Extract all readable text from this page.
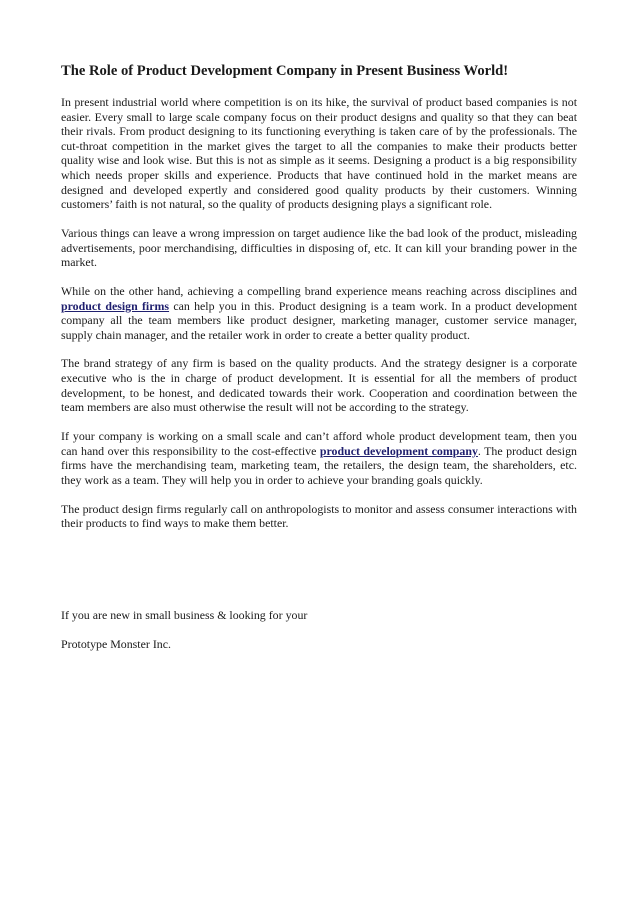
The Role of Product Development Company in Present Business World!

In present industrial world where competition is on its hike, the survival of product based companies is not easier. Every small to large scale company focus on their product designs and quality so that they can beat their rivals. From product designing to its functioning everything is taken care of by the professionals. The cut-throat competition in the market gives the target to all the companies to make their products better quality wise and look wise. But this is not as simple as it seems. Designing a product is a big responsibility which needs proper skills and experience. Products that have continued hold in the market means are designed and developed expertly and considered good quality products by their customers. Winning customers’ faith is not natural, so the quality of products designing plays a significant role.

Various things can leave a wrong impression on target audience like the bad look of the product, misleading advertisements, poor merchandising, difficulties in disposing of, etc. It can kill your branding power in the market.

While on the other hand, achieving a compelling brand experience means reaching across disciplines and product design firms can help you in this. Product designing is a team work. In a product development company all the team members like product designer, marketing manager, customer service manager, supply chain manager, and the retailer work in order to create a better quality product.

The brand strategy of any firm is based on the quality products. And the strategy designer is a corporate executive who is the in charge of product development. It is essential for all the members of product development, to be honest, and dedicated towards their work. Cooperation and coordination between the team members are also must otherwise the result will not be according to the strategy.

If your company is working on a small scale and can’t afford whole product development team, then you can hand over this responsibility to the cost-effective product development company. The product design firms have the merchandising team, marketing team, the retailers, the design team, the shareholders, etc. they work as a team. They will help you in order to achieve your branding goals quickly.

The product design firms regularly call on anthropologists to monitor and assess consumer interactions with their products to find ways to make them better.

If you are new in small business & looking for your

Prototype Monster Inc.
